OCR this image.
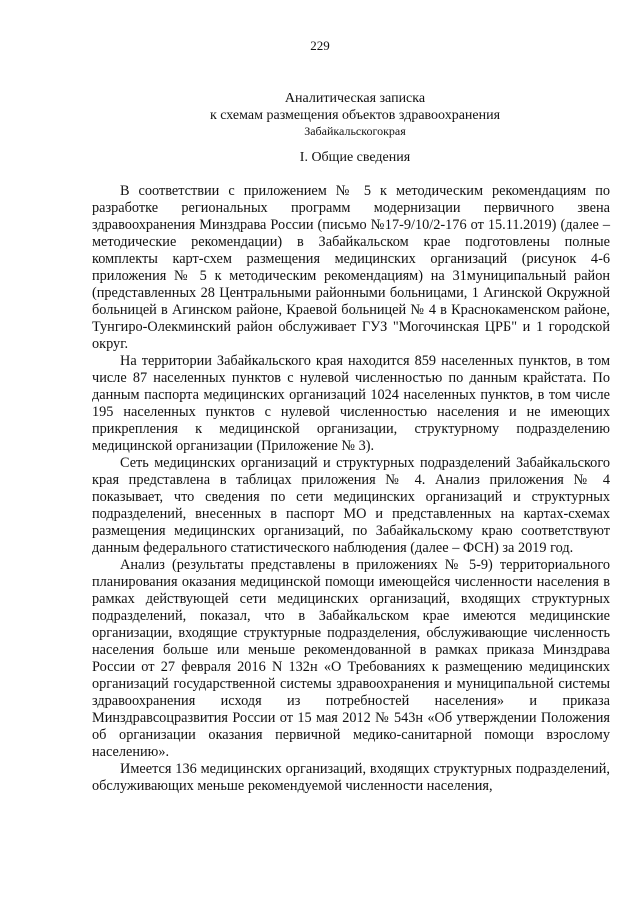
229
Аналитическая записка
к схемам размещения объектов здравоохранения
Забайкальскогокрая
I. Общие сведения

В соответствии с приложением № 5 к методическим рекомендациям по разработке региональных программ модернизации первичного звена здравоохранения Минздрава России (письмо №17-9/10/2-176 от 15.11.2019) (далее – методические рекомендации) в Забайкальском крае подготовлены полные комплекты карт-схем размещения медицинских организаций (рисунок 4-6 приложения № 5 к методическим рекомендациям) на 31муниципальный район (представленных 28 Центральными районными больницами, 1 Агинской Окружной больницей в Агинском районе, Краевой больницей № 4 в Краснокаменском районе, Тунгиро-Олекминский район обслуживает ГУЗ "Могочинская ЦРБ" и 1 городской округ.

На территории Забайкальского края находится 859 населенных пунктов, в том числе 87 населенных пунктов с нулевой численностью по данным крайстата. По данным паспорта медицинских организаций 1024 населенных пунктов, в том числе 195 населенных пунктов с нулевой численностью населения и не имеющих прикрепления к медицинской организации, структурному подразделению медицинской организации (Приложение № 3).

Сеть медицинских организаций и структурных подразделений Забайкальского края представлена в таблицах приложения № 4. Анализ приложения № 4 показывает, что сведения по сети медицинских организаций и структурных подразделений, внесенных в паспорт МО и представленных на картах-схемах размещения медицинских организаций, по Забайкальскому краю соответствуют данным федерального статистического наблюдения (далее – ФСН) за 2019 год.

Анализ (результаты представлены в приложениях № 5-9) территориального планирования оказания медицинской помощи имеющейся численности населения в рамках действующей сети медицинских организаций, входящих структурных подразделений, показал, что в Забайкальском крае имеются медицинские организации, входящие структурные подразделения, обслуживающие численность населения больше или меньше рекомендованной в рамках приказа Минздрава России от 27 февраля 2016 N 132н «О Требованиях к размещению медицинских организаций государственной системы здравоохранения и муниципальной системы здравоохранения исходя из потребностей населения» и приказа Минздравсоцразвития России от 15 мая 2012 № 543н «Об утверждении Положения об организации оказания первичной медико-санитарной помощи взрослому населению».

Имеется 136 медицинских организаций, входящих структурных подразделений, обслуживающих меньше рекомендуемой численности населения,
